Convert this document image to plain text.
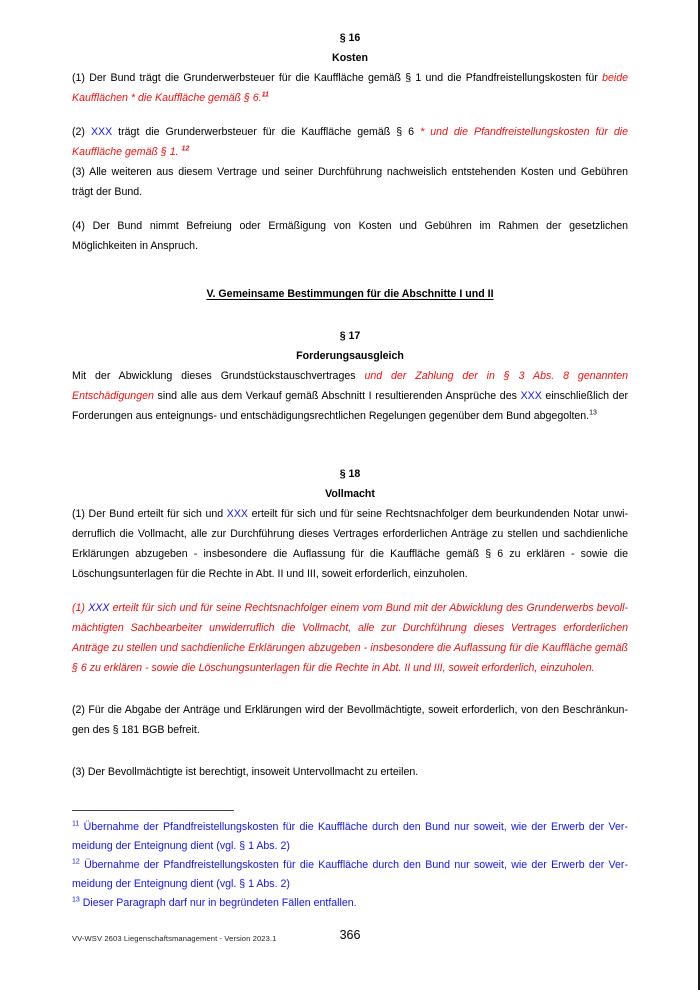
§ 16
Kosten
(1) Der Bund trägt die Grunderwerbsteuer für die Kauffläche gemäß § 1 und die Pfandfreistellungskosten für beide Kaufflächen * die Kauffläche gemäß § 6.11
(2) XXX trägt die Grunderwerbsteuer für die Kauffläche gemäß § 6 * und die Pfandfreistellungskosten für die Kauffläche gemäß § 1. $^{12}$
(3) Alle weiteren aus diesem Vertrage und seiner Durchführung nachweislich entstehenden Kosten und Gebühren trägt der Bund.
(4) Der Bund nimmt Befreiung oder Ermäßigung von Kosten und Gebühren im Rahmen der gesetzlichen Möglichkeiten in Anspruch.
V. Gemeinsame Bestimmungen für die Abschnitte I und II
§ 17
Forderungsausgleich
Mit der Abwicklung dieses Grundstückstauschvertrages und der Zahlung der in § 3 Abs. 8 genannten Entschädigungen sind alle aus dem Verkauf gemäß Abschnitt I resultierenden Ansprüche des XXX einschließlich der Forderungen aus enteignungs- und entschädigungsrechtlichen Regelungen gegenüber dem Bund abgegolten.$^{13}$
§ 18
Vollmacht
(1) Der Bund erteilt für sich und XXX erteilt für sich und für seine Rechtsnachfolger dem beurkundenden Notar unwiderruflich die Vollmacht, alle zur Durchführung dieses Vertrages erforderlichen Anträge zu stellen und sachdienliche Erklärungen abzugeben - insbesondere die Auflassung für die Kauffläche gemäß § 6 zu erklären - sowie die Löschungsunterlagen für die Rechte in Abt. II und III, soweit erforderlich, einzuholen.
(1) XXX erteilt für sich und für seine Rechtsnachfolger einem vom Bund mit der Abwicklung des Grunderwerbs bevollmächtigten Sachbearbeiter unwiderruflich die Vollmacht, alle zur Durchführung dieses Vertrages erforderlichen Anträge zu stellen und sachdienliche Erklärungen abzugeben - insbesondere die Auflassung für die Kauffläche gemäß § 6 zu erklären - sowie die Löschungsunterlagen für die Rechte in Abt. II und III, soweit erforderlich, einzuholen.
(2) Für die Abgabe der Anträge und Erklärungen wird der Bevollmächtigte, soweit erforderlich, von den Beschränkungen des § 181 BGB befreit.
(3) Der Bevollmächtigte ist berechtigt, insoweit Untervollmacht zu erteilen.
$^{11}$ Übernahme der Pfandfreistellungskosten für die Kauffläche durch den Bund nur soweit, wie der Erwerb der Vermeidung der Enteignung dient (vgl. § 1 Abs. 2)
$^{12}$ Übernahme der Pfandfreistellungskosten für die Kauffläche durch den Bund nur soweit, wie der Erwerb der Vermeidung der Enteignung dient (vgl. § 1 Abs. 2)
$^{13}$ Dieser Paragraph darf nur in begründeten Fällen entfallen.
VV-WSV 2603 Liegenschaftsmanagement - Version 2023.1	366
